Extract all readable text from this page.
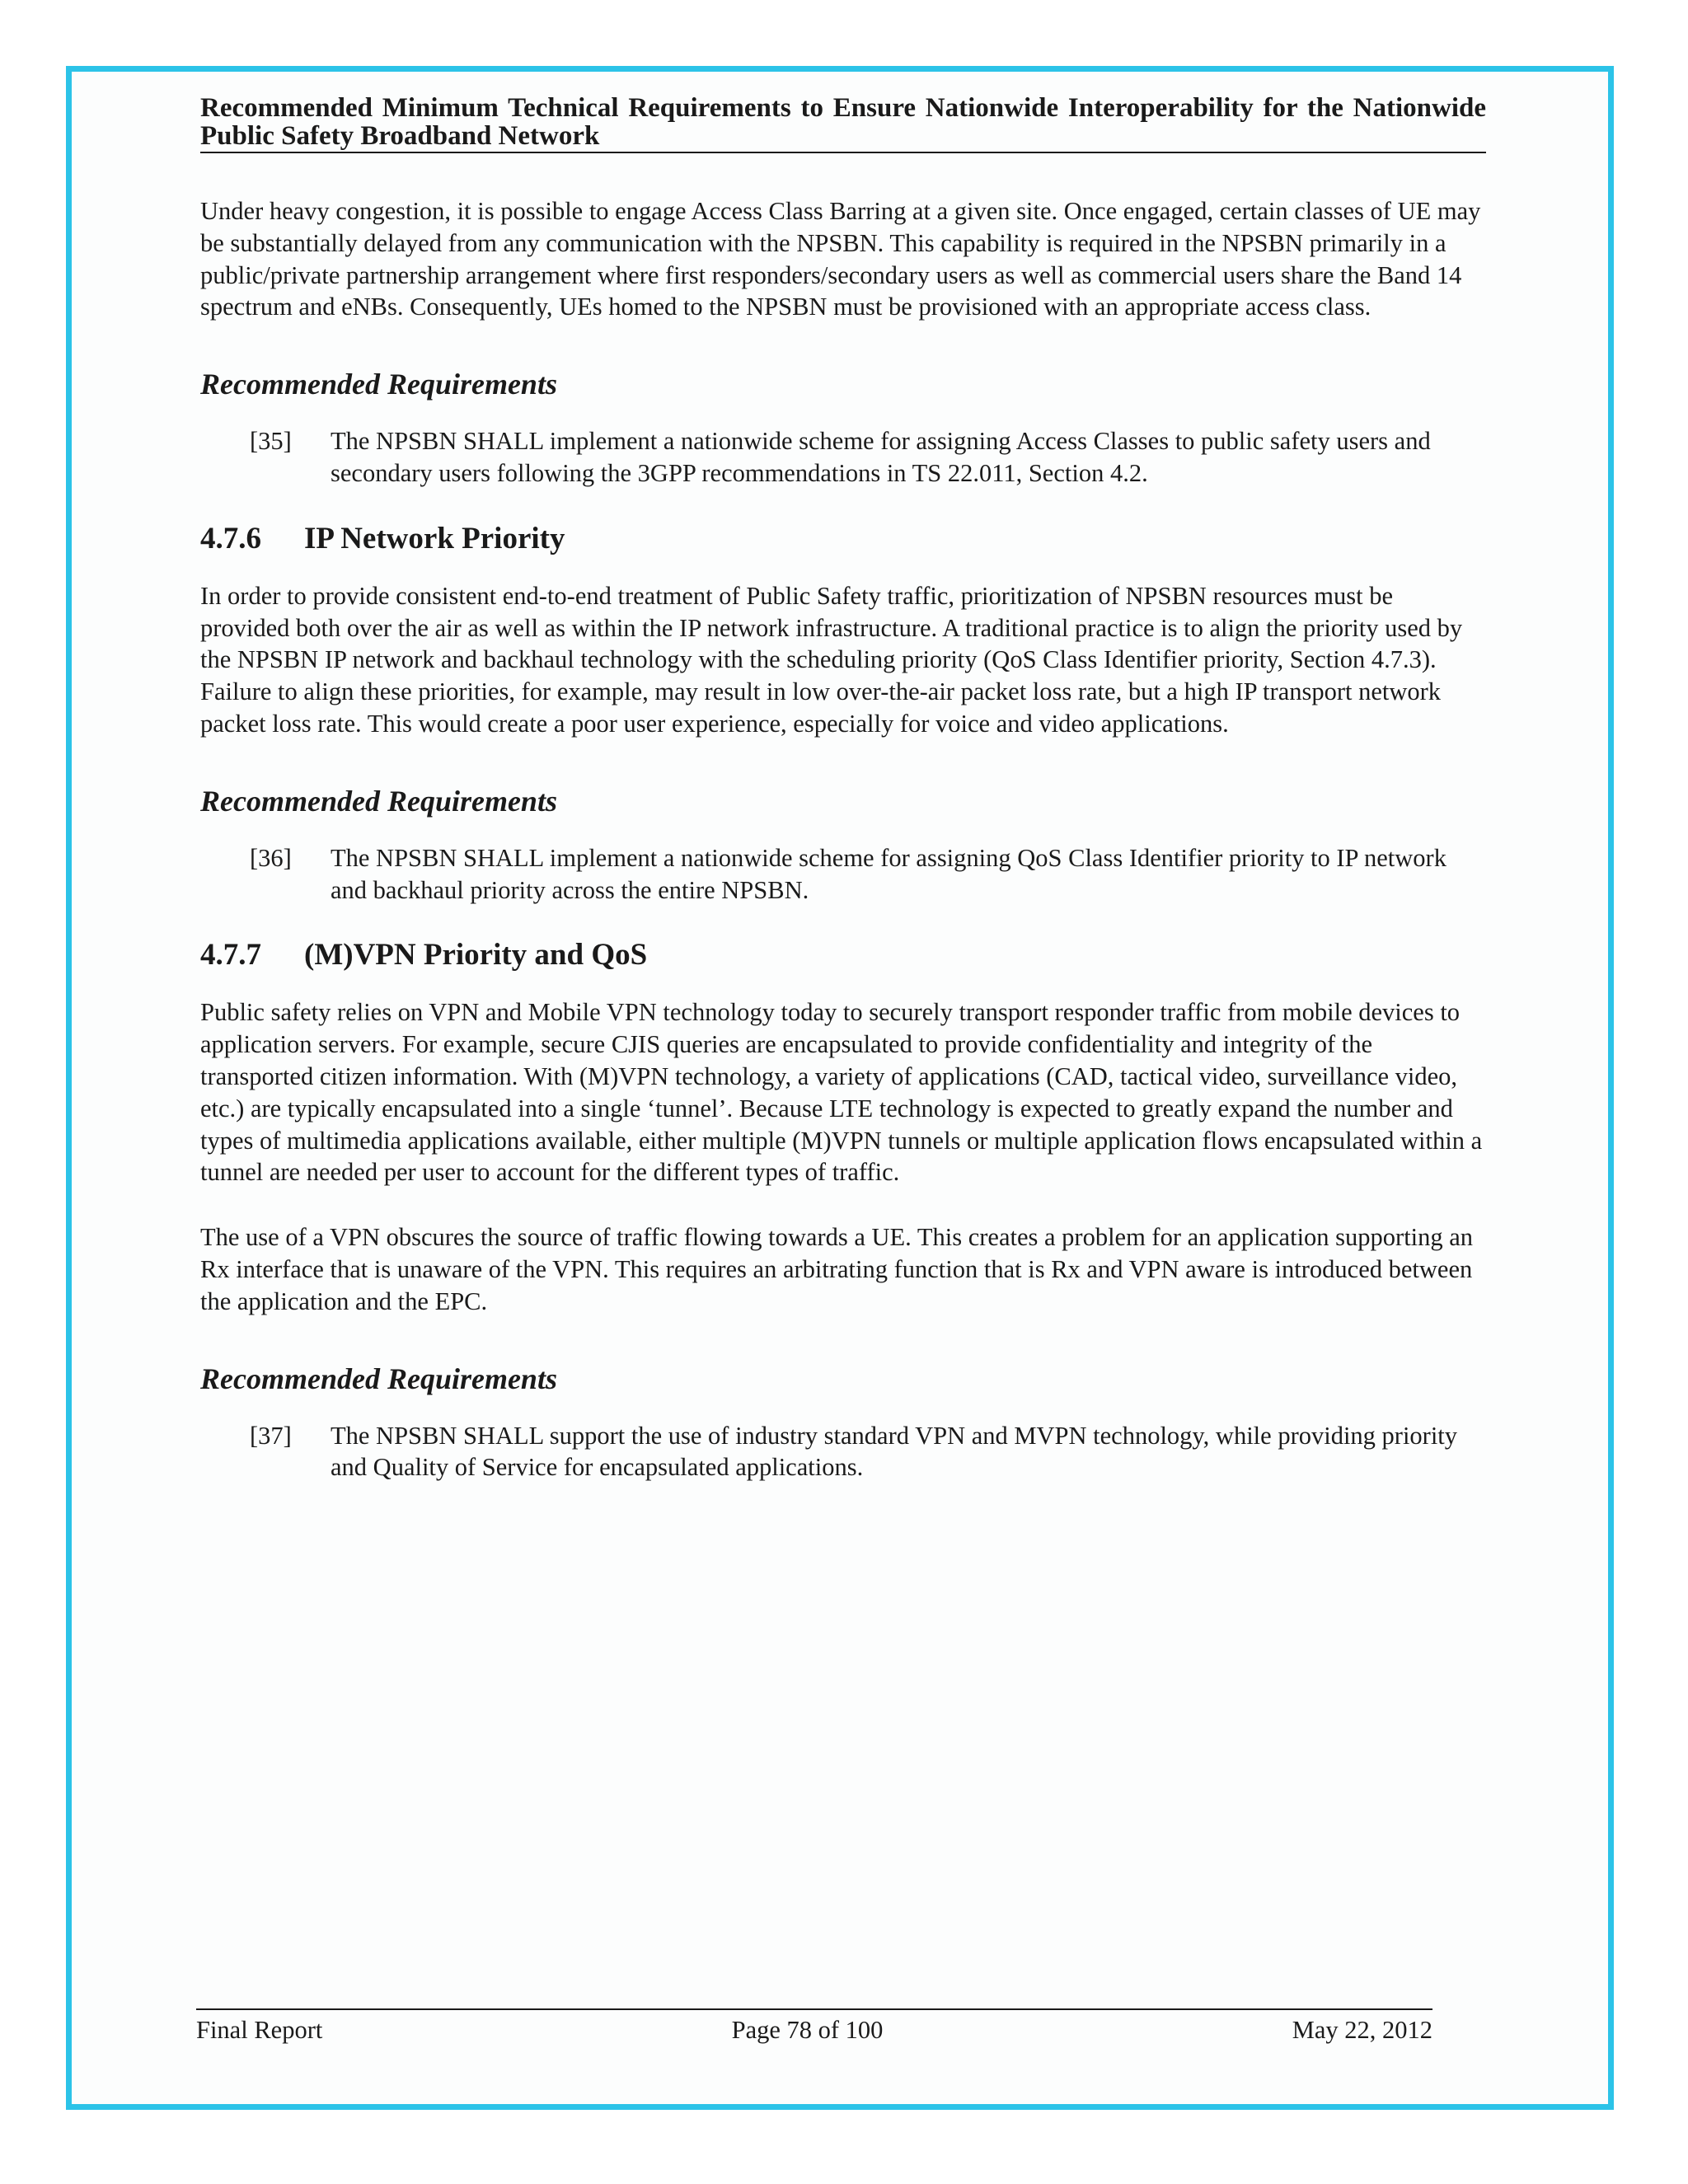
Recommended Minimum Technical Requirements to Ensure Nationwide Interoperability for the Nationwide Public Safety Broadband Network

Under heavy congestion, it is possible to engage Access Class Barring at a given site. Once engaged, certain classes of UE may be substantially delayed from any communication with the NPSBN. This capability is required in the NPSBN primarily in a public/private partnership arrangement where first responders/secondary users as well as commercial users share the Band 14 spectrum and eNBs. Consequently, UEs homed to the NPSBN must be provisioned with an appropriate access class.

Recommended Requirements

[35]	The NPSBN SHALL implement a nationwide scheme for assigning Access Classes to public safety users and secondary users following the 3GPP recommendations in TS 22.011, Section 4.2.
4.7.6	IP Network Priority

In order to provide consistent end-to-end treatment of Public Safety traffic, prioritization of NPSBN resources must be provided both over the air as well as within the IP network infrastructure. A traditional practice is to align the priority used by the NPSBN IP network and backhaul technology with the scheduling priority (QoS Class Identifier priority, Section 4.7.3). Failure to align these priorities, for example, may result in low over-the-air packet loss rate, but a high IP transport network packet loss rate. This would create a poor user experience, especially for voice and video applications.

Recommended Requirements

[36]	The NPSBN SHALL implement a nationwide scheme for assigning QoS Class Identifier priority to IP network and backhaul priority across the entire NPSBN.
4.7.7	(M)VPN Priority and QoS

Public safety relies on VPN and Mobile VPN technology today to securely transport responder traffic from mobile devices to application servers. For example, secure CJIS queries are encapsulated to provide confidentiality and integrity of the transported citizen information. With (M)VPN technology, a variety of applications (CAD, tactical video, surveillance video, etc.) are typically encapsulated into a single ‘tunnel’. Because LTE technology is expected to greatly expand the number and types of multimedia applications available, either multiple (M)VPN tunnels or multiple application flows encapsulated within a tunnel are needed per user to account for the different types of traffic.

The use of a VPN obscures the source of traffic flowing towards a UE. This creates a problem for an application supporting an Rx interface that is unaware of the VPN. This requires an arbitrating function that is Rx and VPN aware is introduced between the application and the EPC.

Recommended Requirements

[37]	The NPSBN SHALL support the use of industry standard VPN and MVPN technology, while providing priority and Quality of Service for encapsulated applications.
Final Report	Page 78 of 100	May 22, 2012
